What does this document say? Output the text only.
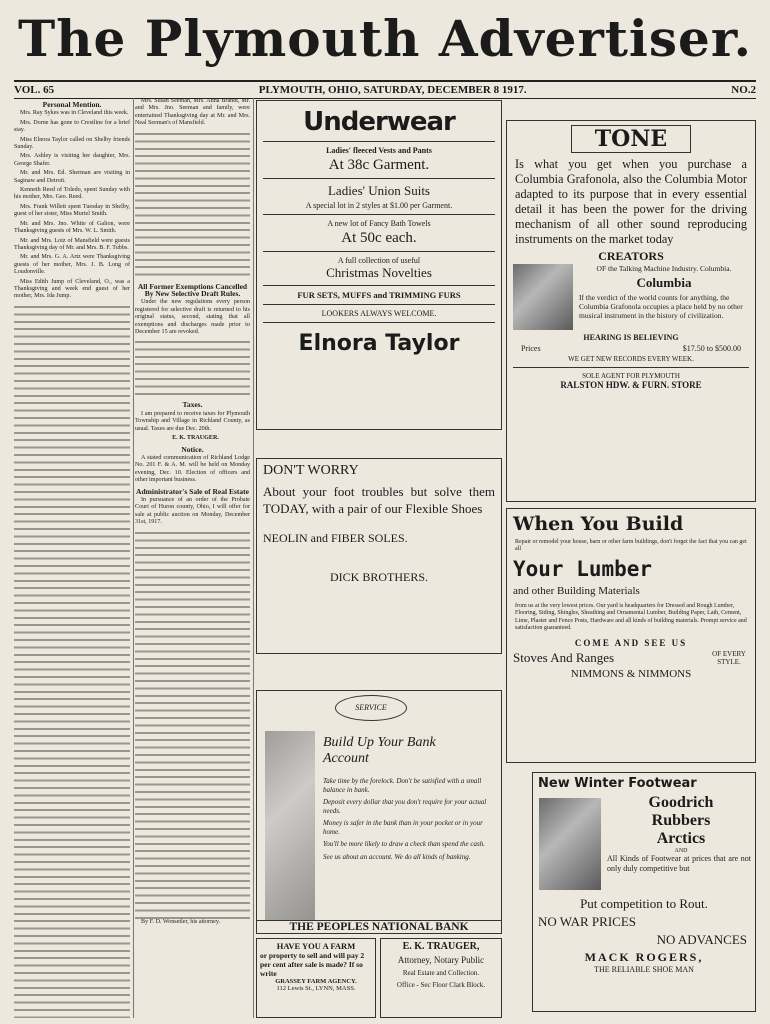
The Plymouth Advertiser.
VOL. 65	PLYMOUTH, OHIO, SATURDAY, DECEMBER 8 1917.	NO.2
Personal Mention.

Mrs. Ray Sykes was in Cleveland this week.

Mrs. Dorne has gone to Crestline for a brief stay.

Miss Elnora Taylor called on Shelby friends Sunday.

Mrs. Ashley is visiting her daughter, Mrs. George Shafer.

Mr. and Mrs. Ed. Sherman are visiting in Saginaw and Detroit.

Kenneth Reed of Toledo, spent Sunday with his mother, Mrs. Geo. Reed.

Mrs. Frank Willett spent Tuesday in Shelby, guest of her sister, Miss Muriel Smith.

Mr. and Mrs. Jno. White of Galion, were Thanksgiving guests of Mrs. W. L. Smith.

Mr. and Mrs. Lotz of Mansfield were guests Thanksgiving day of Mr. and Mrs. B. F. Tubbs.

Mr. and Mrs. G. A. Artz were Thanksgiving guests of her mother, Mrs. J. B. Long of Loudonville.

Miss Edith Jump of Cleveland, O., was a Thanksgiving and week end guest of her mother, Mrs. Ida Jump.

Mrs. Susan Seeman, Mrs. Anna Brandt, Mr. and Mrs. Jno. Seeman and family, were entertained Thanksgiving day at Mr. and Mrs. Neal Seeman's of Mansfield.

All Former Exemptions Cancelled By New Selective Draft Rules.

Under the new regulations every person registered for selective draft is returned to his original status, second, stating that all exemptions and discharges made prior to December 15 are revoked.

Taxes.

I am prepared to receive taxes for Plymouth Township and Village in Richland County, as usual. Taxes are due Dec. 20th.

E. K. TRAUGER.

Notice.

A stated communication of Richland Lodge No. 201 F. & A. M. will be held on Monday evening, Dec. 10. Election of officers and other important business.

Administrator's Sale of Real Estate

In pursuance of an order of the Probate Court of Huron county, Ohio, I will offer for sale at public auction on Monday, December 31st, 1917.

By F. D. Wonsetler, his attorney.

Underwear
Ladies' fleeced Vests and Pants
At 38c Garment.
Ladies' Union Suits
A special lot in 2 styles at $1.00 per Garment.
A new lot of Fancy Bath Towels
At 50c each.
A full collection of useful
Christmas Novelties
FUR SETS, MUFFS and TRIMMING FURS
LOOKERS ALWAYS WELCOME.
Elnora Taylor
TONE
Is what you get when you purchase a Columbia Grafonola, also the Columbia Motor adapted to its purpose that in every essential detail it has been the power for the driving mechanism of all other sound reproducing instruments on the market today
CREATORS
OF the Talking Machine Industry. Columbia.
Columbia
If the verdict of the world counts for anything, the Columbia Grafonola occupies a place held by no other musical instrument in the history of civilization.
HEARING IS BELIEVING
Prices	$17.50 to $500.00
WE GET NEW RECORDS EVERY WEEK.
SOLE AGENT FOR PLYMOUTH
RALSTON HDW. & FURN. STORE
DON'T WORRY
About your foot troubles but solve them TODAY, with a pair of our Flexible Shoes
NEOLIN and FIBER SOLES.
DICK BROTHERS.
When You Build
Repair or remodel your house, barn or other farm buildings, don't forget the fact that you can get all
Your Lumber
and other Building Materials
from us at the very lowest prices. Our yard is headquarters for Dressed and Rough Lumber, Flooring, Siding, Shingles, Sheathing and Ornamental Lumber, Building Paper, Lath, Cement, Lime, Plaster and Fence Posts, Hardware and all kinds of building materials. Prompt service and satisfaction guaranteed.
COME AND SEE US
Stoves And Ranges	OF EVERY STYLE.
NIMMONS & NIMMONS
SERVICE
Build Up Your Bank Account

Take time by the forelock. Don't be satisfied with a small balance in bank.

Deposit every dollar that you don't require for your actual needs.

Money is safer in the bank than in your pocket or in your home.

You'll be more likely to draw a check than spend the cash.

See us about an account. We do all kinds of banking.

THE PEOPLES NATIONAL BANK
New Winter Footwear
Goodrich
Rubbers
Arctics
AND
All Kinds of Footwear at prices that are not only duly competitive but
Put competition to Rout.
NO WAR PRICES
NO ADVANCES
MACK ROGERS,
THE RELIABLE SHOE MAN
HAVE YOU A FARM
or property to sell and will pay 2 per cent after sale is made? If so write
GRASSEY FARM AGENCY.
112 Lewis St., LYNN, MASS.
E. K. TRAUGER,
Attorney, Notary Public
Real Estate and Collection.
Office - Sec Floor Clark Block.
